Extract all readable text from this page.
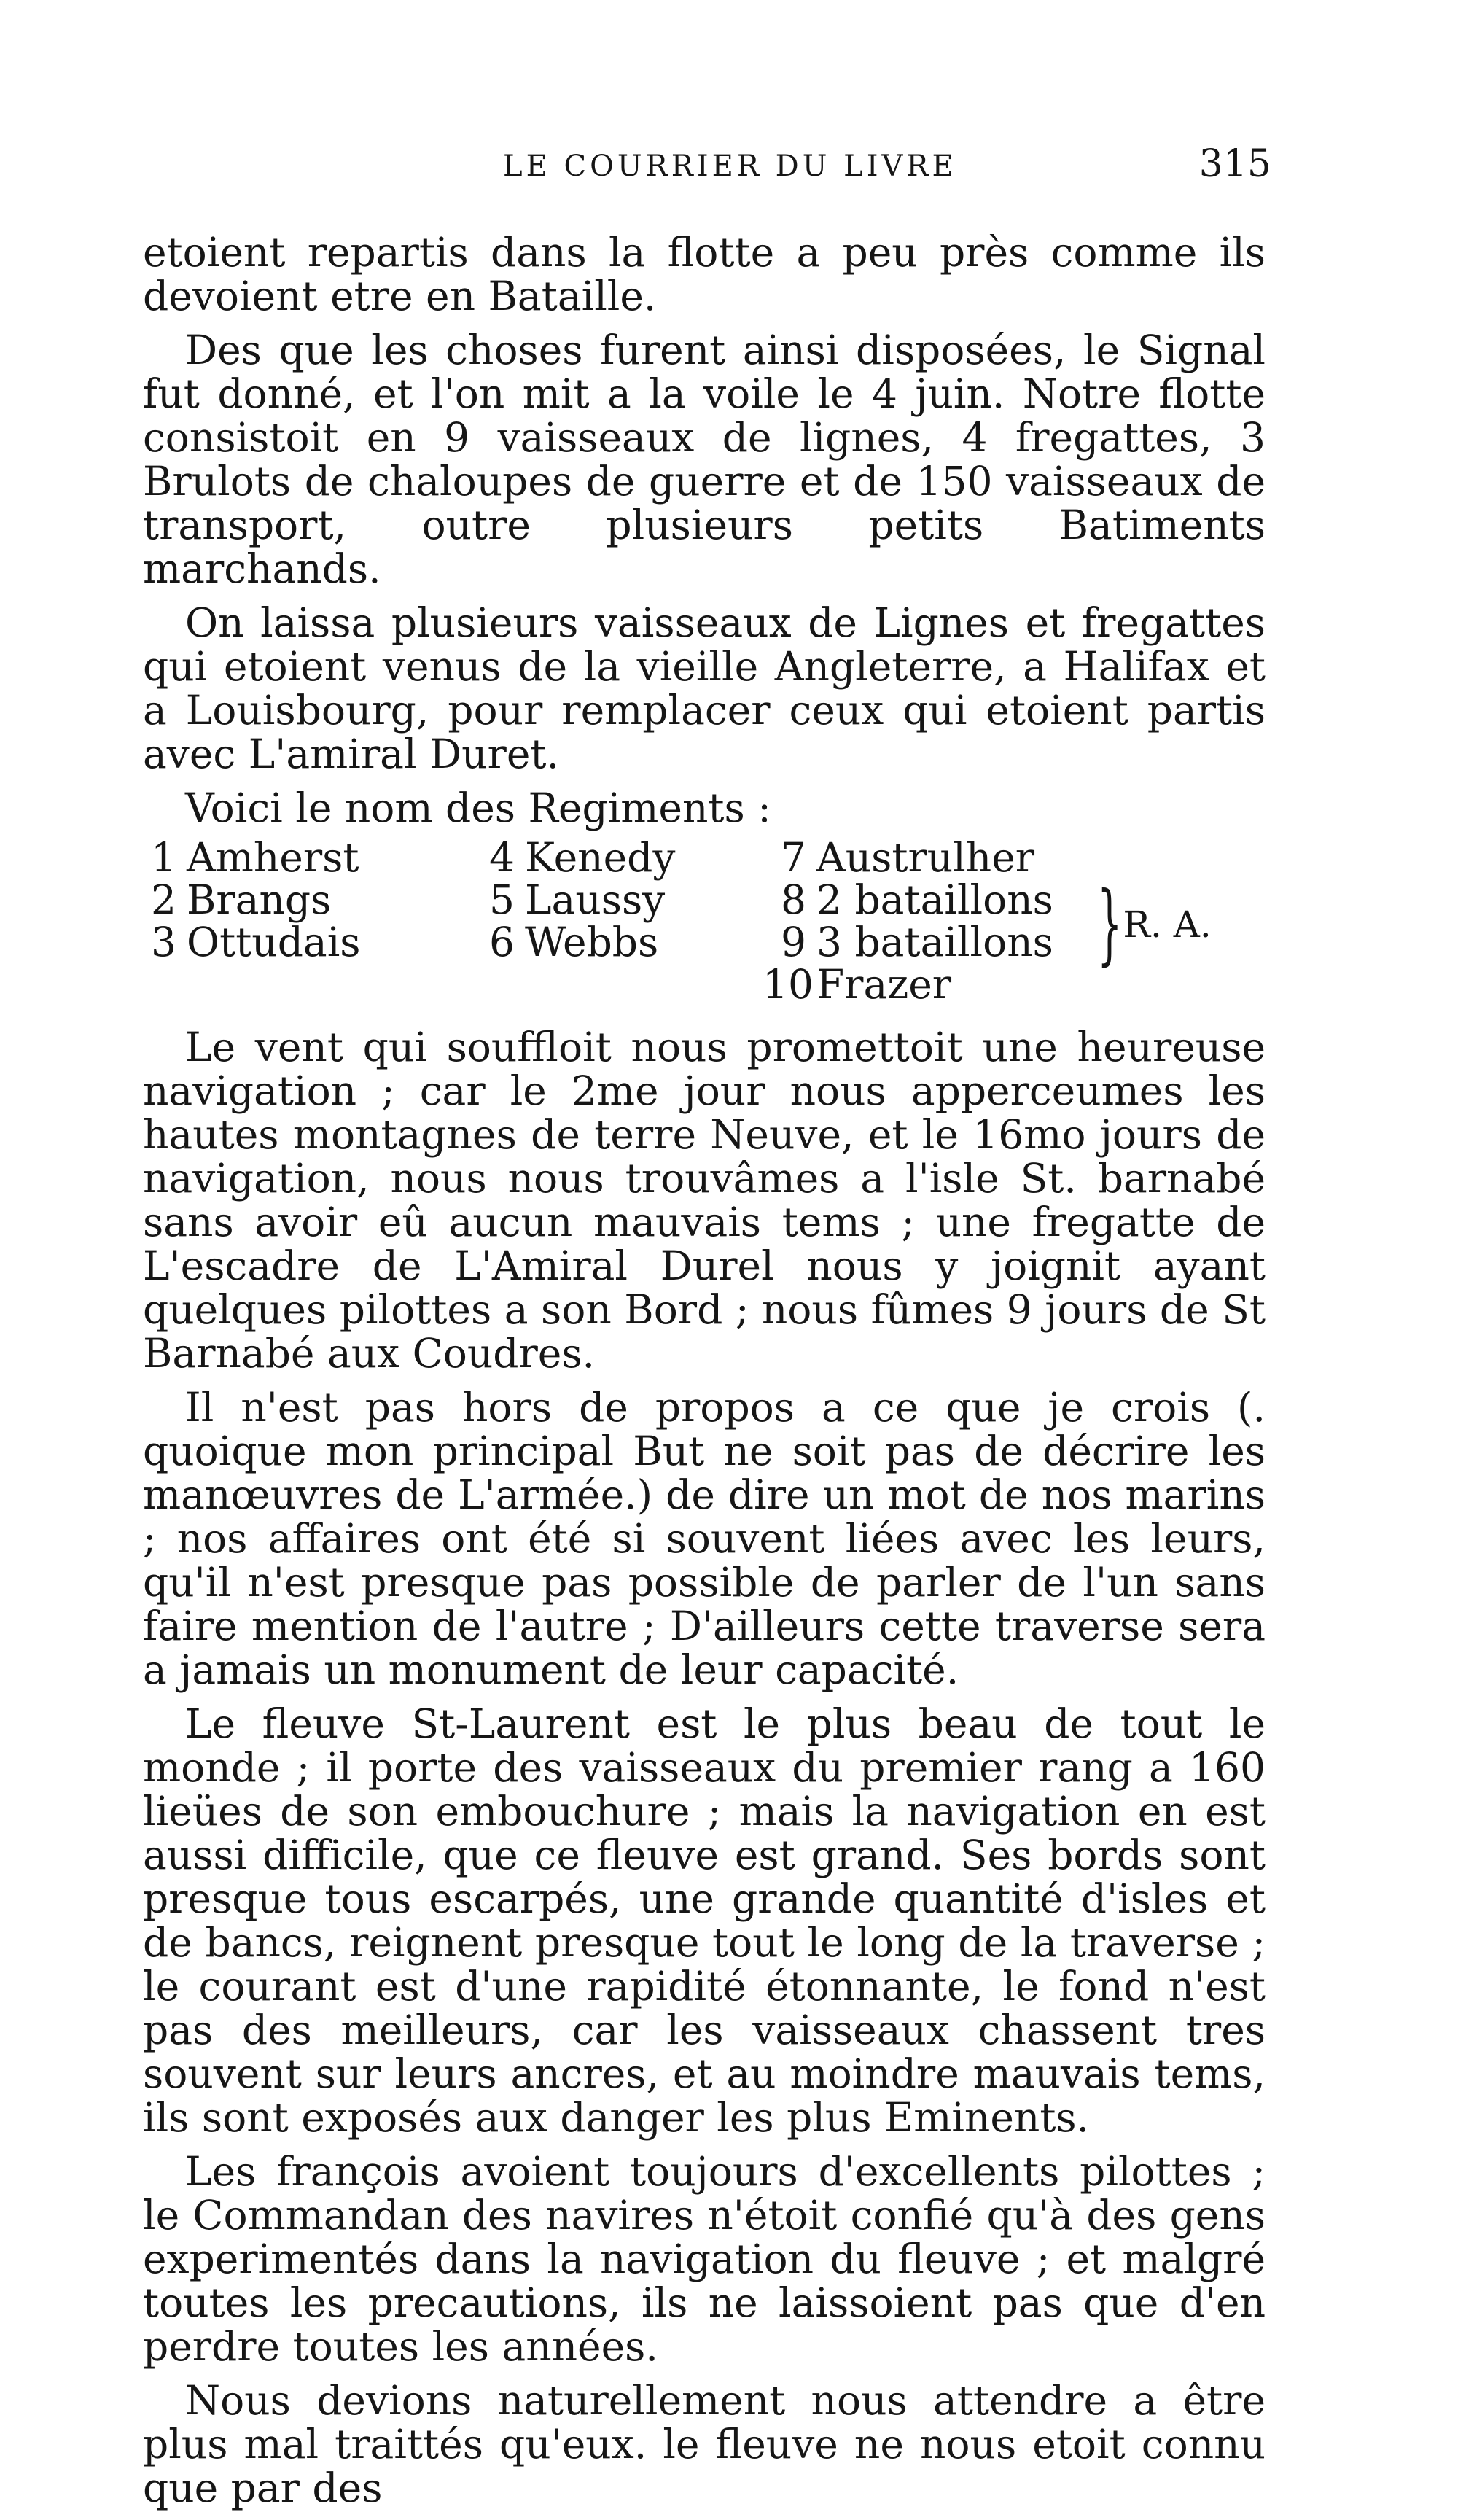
LE COURRIER DU LIVRE	315

etoient repartis dans la flotte a peu près comme ils devoient etre en Bataille.

Des que les choses furent ainsi disposées, le Signal fut donné, et l'on mit a la voile le 4 juin. Notre flotte consistoit en 9 vaisseaux de lignes, 4 fregattes, 3 Brulots de chaloupes de guerre et de 150 vaisseaux de transport, outre plusieurs petits Batiments marchands.

On laissa plusieurs vaisseaux de Lignes et fregattes qui etoient venus de la vieille Angleterre, a Halifax et a Louisbourg, pour remplacer ceux qui etoient partis avec L'amiral Duret.

Voici le nom des Regiments :

1 Amherst
2 Brangs
3 Ottudais
4 Kenedy
5 Laussy
6 Webbs
7 Austrulher
8 2 bataillons
9 3 bataillons
10Frazer
} R. A.

Le vent qui souffloit nous promettoit une heureuse navigation ; car le 2me jour nous apperceumes les hautes montagnes de terre Neuve, et le 16mo jours de navigation, nous nous trouvâmes a l'isle St. barnabé sans avoir eû aucun mauvais tems ; une fregatte de L'escadre de L'Amiral Durel nous y joignit ayant quelques pilottes a son Bord ; nous fûmes 9 jours de St Barnabé aux Coudres.

Il n'est pas hors de propos a ce que je crois (. quoique mon principal But ne soit pas de décrire les manœuvres de L'armée.) de dire un mot de nos marins ; nos affaires ont été si souvent liées avec les leurs, qu'il n'est presque pas possible de parler de l'un sans faire mention de l'autre ; D'ailleurs cette traverse sera a jamais un monument de leur capacité.

Le fleuve St-Laurent est le plus beau de tout le monde ; il porte des vaisseaux du premier rang a 160 lieües de son embouchure ; mais la navigation en est aussi difficile, que ce fleuve est grand. Ses bords sont presque tous escarpés, une grande quantité d'isles et de bancs, reignent presque tout le long de la traverse ; le courant est d'une rapidité étonnante, le fond n'est pas des meilleurs, car les vaisseaux chassent tres souvent sur leurs ancres, et au moindre mauvais tems, ils sont exposés aux danger les plus Eminents.

Les françois avoient toujours d'excellents pilottes ; le Commandan des navires n'étoit confié qu'à des gens experimentés dans la navigation du fleuve ; et malgré toutes les precautions, ils ne laissoient pas que d'en perdre toutes les années.

Nous devions naturellement nous attendre a être plus mal traittés qu'eux. le fleuve ne nous etoit connu que par des
